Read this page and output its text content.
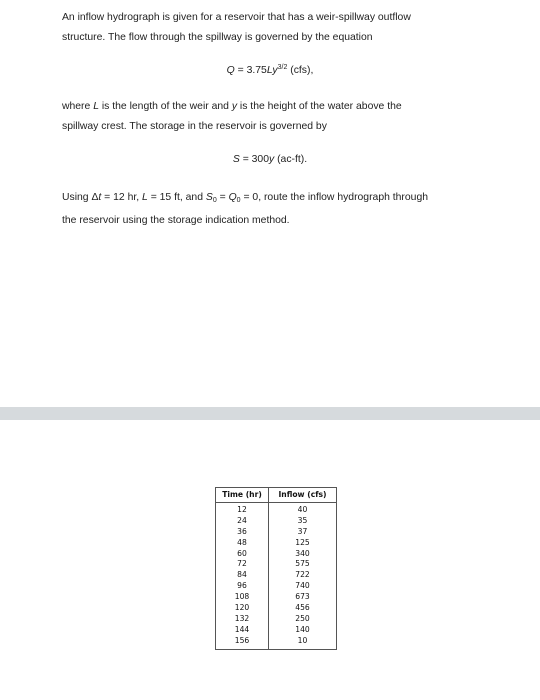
An inflow hydrograph is given for a reservoir that has a weir-spillway outflow
structure. The flow through the spillway is governed by the equation
$Q = 3.75Ly^{3/2}$ (cfs),
where L is the length of the weir and y is the height of the water above the
spillway crest. The storage in the reservoir is governed by
S = 300y (ac-ft).
Using Δt = 12 hr, L = 15 ft, and $S_0 = Q_0 = 0$, route the inflow hydrograph through
the reservoir using the storage indication method.
Time (hr)	Inflow (cfs)
12
24
36
48
60
72
84
96
108
120
132
144
156
40
35
37
125
340
575
722
740
673
456
250
140
10
